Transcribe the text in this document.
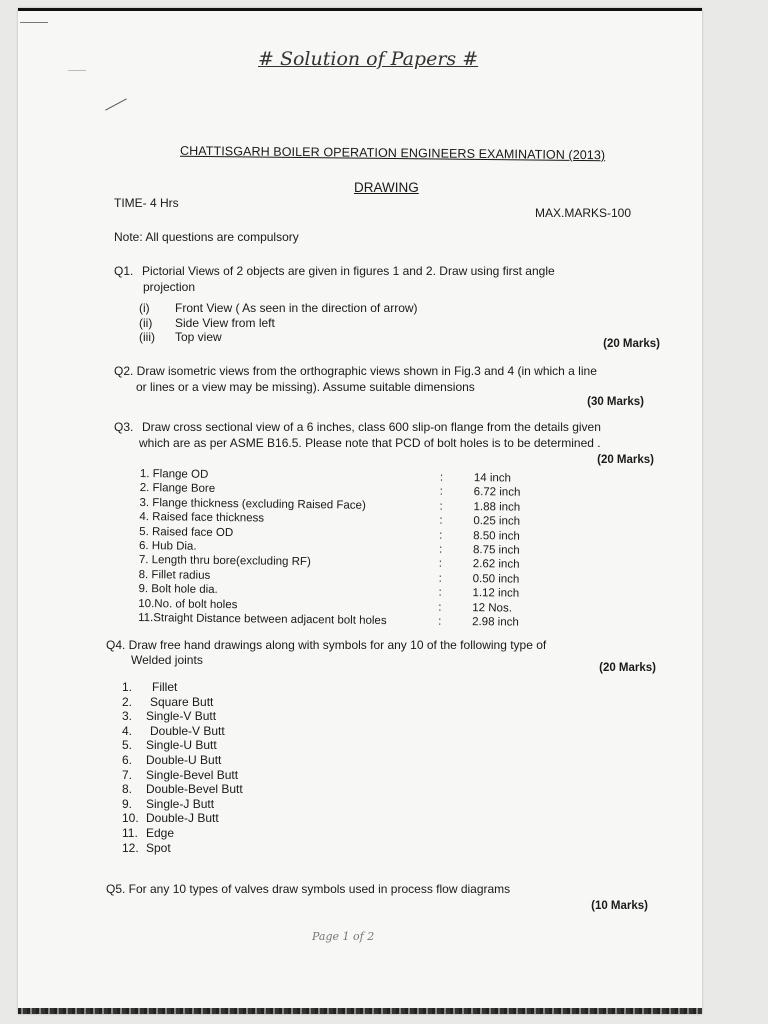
# Solution of Papers #
CHATTISGARH BOILER OPERATION ENGINEERS EXAMINATION (2013)
DRAWING
TIME- 4 Hrs
MAX.MARKS-100
Note: All questions are compulsory
Q1. Pictorial Views of 2 objects are given in figures 1 and 2. Draw using first angle
projection
(i) Front View ( As seen in the direction of arrow)
(ii) Side View from left
(iii) Top view	(20 Marks)
Q2. Draw isometric views from the orthographic views shown in Fig.3 and 4 (in which a line
or lines or a view may be missing). Assume suitable dimensions
(30 Marks)
Q3. Draw cross sectional view of a 6 inches, class 600 slip-on flange from the details given
which are as per ASME B16.5. Please note that PCD of bolt holes is to be determined .
(20 Marks)
1. Flange OD	:	14 inch
2. Flange Bore	:	6.72 inch
3. Flange thickness (excluding Raised Face)	:	1.88 inch
4. Raised face thickness	:	0.25 inch
5. Raised face OD	:	8.50 inch
6. Hub Dia.	:	8.75 inch
7. Length thru bore(excluding RF)	:	2.62 inch
8. Fillet radius	:	0.50 inch
9. Bolt hole dia.	:	1.12 inch
10.No. of bolt holes	:	12 Nos.
11.Straight Distance between adjacent bolt holes	:	2.98 inch
Q4. Draw free hand drawings along with symbols for any 10 of the following type of
Welded joints
(20 Marks)
1. Fillet
2. Square Butt
3. Single-V Butt
4. Double-V Butt
5. Single-U Butt
6. Double-U Butt
7. Single-Bevel Butt
8. Double-Bevel Butt
9. Single-J Butt
10. Double-J Butt
11. Edge
12. Spot
Q5. For any 10 types of valves draw symbols used in process flow diagrams
(10 Marks)
Page 1 of 2
